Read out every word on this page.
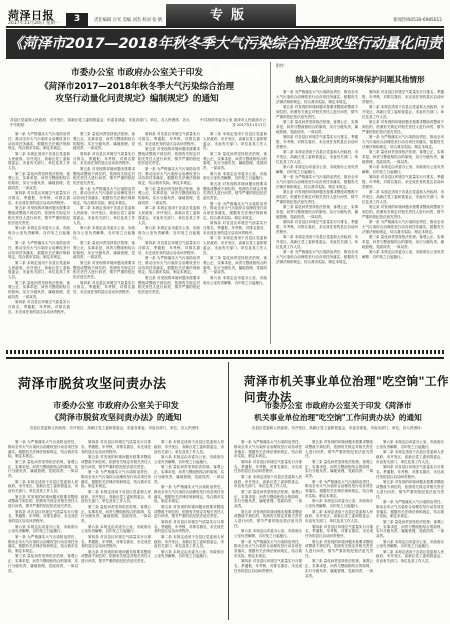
菏泽日报
2017年11月20日 星期一	3	责任编辑 白光 美编 刘杰 校对 张 帆	专版	新闻热线0530-6985012
《菏泽市2017—2018年秋冬季大气污染综合治理攻坚行动量化问责规定》编制规定
市委办公室 市政府办公室关于印发
《菏泽市2017—2018年秋冬季大气污染综合治理
攻坚行动量化问责规定》编制规定》的通知
各县区党委和人民政府，市开发区、高新区党工委和管委会，市委各部委，市直各部门、单位，各人民团体，各大中专院校：
中共菏泽市委办公室 菏泽市人民政府办公室 2017年11月17日
附件：
纳入量化问责的环境保护问题其他情形
第一条 为严格落实大气污染防治责任，推动全市大气污染综合治理攻坚行动各项任务落实，根据有关法律法规和规定，结合我市实际，制定本规定。
第二条 本规定适用于各县区党委和人民政府、市开发区、高新区党工委和管委会，市直有关部门、单位及其工作人员。
第三条 量化问责坚持依法依规、客观公正、实事求是、问责与整改相结合的原则，实行分级负责、属地管理，党政同责、一岗双责。
第四条 对各县区环境空气质量实行月排名、季通报、年考核，对排名靠后、未完成任务的县区启动问责程序。
第五条 对发现的环境问题未按要求整改或整改不到位的，依照有关规定对相关责任人进行问责，情节严重的依纪依法追究责任。
第六条 本规定由市委办公室、市政府办公室负责解释，自印发之日起施行。
第一条 为严格落实大气污染防治责任，推动全市大气污染综合治理攻坚行动各项任务落实，根据有关法律法规和规定，结合我市实际，制定本规定。
第二条 本规定适用于各县区党委和人民政府、市开发区、高新区党工委和管委会，市直有关部门、单位及其工作人员。
第三条 量化问责坚持依法依规、客观公正、实事求是、问责与整改相结合的原则，实行分级负责、属地管理，党政同责、一岗双责。
第四条 对各县区环境空气质量实行月排名、季通报、年考核，对排名靠后、未完成任务的县区启动问责程序。
第三条 量化问责坚持依法依规、客观公正、实事求是、问责与整改相结合的原则，实行分级负责、属地管理，党政同责、一岗双责。
第四条 对各县区环境空气质量实行月排名、季通报、年考核，对排名靠后、未完成任务的县区启动问责程序。
第五条 对发现的环境问题未按要求整改或整改不到位的，依照有关规定对相关责任人进行问责，情节严重的依纪依法追究责任。
第一条 为严格落实大气污染防治责任，推动全市大气污染综合治理攻坚行动各项任务落实，根据有关法律法规和规定，结合我市实际，制定本规定。
第二条 本规定适用于各县区党委和人民政府、市开发区、高新区党工委和管委会，市直有关部门、单位及其工作人员。
第六条 本规定由市委办公室、市政府办公室负责解释，自印发之日起施行。
第三条 量化问责坚持依法依规、客观公正、实事求是、问责与整改相结合的原则，实行分级负责、属地管理，党政同责、一岗双责。
第五条 对发现的环境问题未按要求整改或整改不到位的，依照有关规定对相关责任人进行问责，情节严重的依纪依法追究责任。
第四条 对各县区环境空气质量实行月排名、季通报、年考核，对排名靠后、未完成任务的县区启动问责程序。
第四条 对各县区环境空气质量实行月排名、季通报、年考核，对排名靠后、未完成任务的县区启动问责程序。
第五条 对发现的环境问题未按要求整改或整改不到位的，依照有关规定对相关责任人进行问责，情节严重的依纪依法追究责任。
第一条 为严格落实大气污染防治责任，推动全市大气污染综合治理攻坚行动各项任务落实，根据有关法律法规和规定，结合我市实际，制定本规定。
第三条 量化问责坚持依法依规、客观公正、实事求是、问责与整改相结合的原则，实行分级负责、属地管理，党政同责、一岗双责。
第二条 本规定适用于各县区党委和人民政府、市开发区、高新区党工委和管委会，市直有关部门、单位及其工作人员。
第六条 本规定由市委办公室、市政府办公室负责解释，自印发之日起施行。
第四条 对各县区环境空气质量实行月排名、季通报、年考核，对排名靠后、未完成任务的县区启动问责程序。
第一条 为严格落实大气污染防治责任，推动全市大气污染综合治理攻坚行动各项任务落实，根据有关法律法规和规定，结合我市实际，制定本规定。
第五条 对发现的环境问题未按要求整改或整改不到位的，依照有关规定对相关责任人进行问责，情节严重的依纪依法追究责任。
第二条 本规定适用于各县区党委和人民政府、市开发区、高新区党工委和管委会，市直有关部门、单位及其工作人员。
第三条 量化问责坚持依法依规、客观公正、实事求是、问责与整改相结合的原则，实行分级负责、属地管理，党政同责、一岗双责。
第六条 本规定由市委办公室、市政府办公室负责解释，自印发之日起施行。
第五条 对发现的环境问题未按要求整改或整改不到位的，依照有关规定对相关责任人进行问责，情节严重的依纪依法追究责任。
第一条 为严格落实大气污染防治责任，推动全市大气污染综合治理攻坚行动各项任务落实，根据有关法律法规和规定，结合我市实际，制定本规定。
第四条 对各县区环境空气质量实行月排名、季通报、年考核，对排名靠后、未完成任务的县区启动问责程序。
第二条 本规定适用于各县区党委和人民政府、市开发区、高新区党工委和管委会，市直有关部门、单位及其工作人员。
第三条 量化问责坚持依法依规、客观公正、实事求是、问责与整改相结合的原则，实行分级负责、属地管理，党政同责、一岗双责。
第六条 本规定由市委办公室、市政府办公室负责解释，自印发之日起施行。
第一条 为严格落实大气污染防治责任，推动全市大气污染综合治理攻坚行动各项任务落实，根据有关法律法规和规定，结合我市实际，制定本规定。
第五条 对发现的环境问题未按要求整改或整改不到位的，依照有关规定对相关责任人进行问责，情节严重的依纪依法追究责任。
第三条 量化问责坚持依法依规、客观公正、实事求是、问责与整改相结合的原则，实行分级负责、属地管理，党政同责、一岗双责。
第四条 对各县区环境空气质量实行月排名、季通报、年考核，对排名靠后、未完成任务的县区启动问责程序。
第二条 本规定适用于各县区党委和人民政府、市开发区、高新区党工委和管委会，市直有关部门、单位及其工作人员。
第六条 本规定由市委办公室、市政府办公室负责解释，自印发之日起施行。
第一条 为严格落实大气污染防治责任，推动全市大气污染综合治理攻坚行动各项任务落实，根据有关法律法规和规定，结合我市实际，制定本规定。
第五条 对发现的环境问题未按要求整改或整改不到位的，依照有关规定对相关责任人进行问责，情节严重的依纪依法追究责任。
第三条 量化问责坚持依法依规、客观公正、实事求是、问责与整改相结合的原则，实行分级负责、属地管理，党政同责、一岗双责。
第四条 对各县区环境空气质量实行月排名、季通报、年考核，对排名靠后、未完成任务的县区启动问责程序。
第二条 本规定适用于各县区党委和人民政府、市开发区、高新区党工委和管委会，市直有关部门、单位及其工作人员。
第一条 为严格落实大气污染防治责任，推动全市大气污染综合治理攻坚行动各项任务落实，根据有关法律法规和规定，结合我市实际，制定本规定。
第四条 对各县区环境空气质量实行月排名、季通报、年考核，对排名靠后、未完成任务的县区启动问责程序。
第二条 本规定适用于各县区党委和人民政府、市开发区、高新区党工委和管委会，市直有关部门、单位及其工作人员。
第五条 对发现的环境问题未按要求整改或整改不到位的，依照有关规定对相关责任人进行问责，情节严重的依纪依法追究责任。
第一条 为严格落实大气污染防治责任，推动全市大气污染综合治理攻坚行动各项任务落实，根据有关法律法规和规定，结合我市实际，制定本规定。
第三条 量化问责坚持依法依规、客观公正、实事求是、问责与整改相结合的原则，实行分级负责、属地管理，党政同责、一岗双责。
第六条 本规定由市委办公室、市政府办公室负责解释，自印发之日起施行。
第四条 对各县区环境空气质量实行月排名、季通报、年考核，对排名靠后、未完成任务的县区启动问责程序。
第二条 本规定适用于各县区党委和人民政府、市开发区、高新区党工委和管委会，市直有关部门、单位及其工作人员。
第五条 对发现的环境问题未按要求整改或整改不到位的，依照有关规定对相关责任人进行问责，情节严重的依纪依法追究责任。
第一条 为严格落实大气污染防治责任，推动全市大气污染综合治理攻坚行动各项任务落实，根据有关法律法规和规定，结合我市实际，制定本规定。
第三条 量化问责坚持依法依规、客观公正、实事求是、问责与整改相结合的原则，实行分级负责、属地管理，党政同责、一岗双责。
第六条 本规定由市委办公室、市政府办公室负责解释，自印发之日起施行。
菏泽市脱贫攻坚问责办法
市委办公室 市政府办公室关于印发
《菏泽市脱贫攻坚问责办法》的通知
各县区党委和人民政府，市开发区、高新区党工委和管委会，市委各部委，市直各部门、单位，各人民团体：
菏泽市机关事业单位治理"吃空饷"工作问责办法
市委办公室 市政府办公室关于印发《菏泽市
机关事业单位治理"吃空饷"工作问责办法》的通知
各县区党委和人民政府，市开发区、高新区党工委和管委会，市委各部委，市直各部门、单位，各人民团体：
第一条 为严格落实大气污染防治责任，推动全市大气污染综合治理攻坚行动各项任务落实，根据有关法律法规和规定，结合我市实际，制定本规定。
第三条 量化问责坚持依法依规、客观公正、实事求是、问责与整改相结合的原则，实行分级负责、属地管理，党政同责、一岗双责。
第二条 本规定适用于各县区党委和人民政府、市开发区、高新区党工委和管委会，市直有关部门、单位及其工作人员。
第五条 对发现的环境问题未按要求整改或整改不到位的，依照有关规定对相关责任人进行问责，情节严重的依纪依法追究责任。
第四条 对各县区环境空气质量实行月排名、季通报、年考核，对排名靠后、未完成任务的县区启动问责程序。
第六条 本规定由市委办公室、市政府办公室负责解释，自印发之日起施行。
第一条 为严格落实大气污染防治责任，推动全市大气污染综合治理攻坚行动各项任务落实，根据有关法律法规和规定，结合我市实际，制定本规定。
第三条 量化问责坚持依法依规、客观公正、实事求是、问责与整改相结合的原则，实行分级负责、属地管理，党政同责、一岗双责。
第四条 对各县区环境空气质量实行月排名、季通报、年考核，对排名靠后、未完成任务的县区启动问责程序。
第五条 对发现的环境问题未按要求整改或整改不到位的，依照有关规定对相关责任人进行问责，情节严重的依纪依法追究责任。
第一条 为严格落实大气污染防治责任，推动全市大气污染综合治理攻坚行动各项任务落实，根据有关法律法规和规定，结合我市实际，制定本规定。
第二条 本规定适用于各县区党委和人民政府、市开发区、高新区党工委和管委会，市直有关部门、单位及其工作人员。
第三条 量化问责坚持依法依规、客观公正、实事求是、问责与整改相结合的原则，实行分级负责、属地管理，党政同责、一岗双责。
第六条 本规定由市委办公室、市政府办公室负责解释，自印发之日起施行。
第四条 对各县区环境空气质量实行月排名、季通报、年考核，对排名靠后、未完成任务的县区启动问责程序。
第五条 对发现的环境问题未按要求整改或整改不到位的，依照有关规定对相关责任人进行问责，情节严重的依纪依法追究责任。
第二条 本规定适用于各县区党委和人民政府、市开发区、高新区党工委和管委会，市直有关部门、单位及其工作人员。
第六条 本规定由市委办公室、市政府办公室负责解释，自印发之日起施行。
第三条 量化问责坚持依法依规、客观公正、实事求是、问责与整改相结合的原则，实行分级负责、属地管理，党政同责、一岗双责。
第一条 为严格落实大气污染防治责任，推动全市大气污染综合治理攻坚行动各项任务落实，根据有关法律法规和规定，结合我市实际，制定本规定。
第五条 对发现的环境问题未按要求整改或整改不到位的，依照有关规定对相关责任人进行问责，情节严重的依纪依法追究责任。
第四条 对各县区环境空气质量实行月排名、季通报、年考核，对排名靠后、未完成任务的县区启动问责程序。
第二条 本规定适用于各县区党委和人民政府、市开发区、高新区党工委和管委会，市直有关部门、单位及其工作人员。
第六条 本规定由市委办公室、市政府办公室负责解释，自印发之日起施行。
第一条 为严格落实大气污染防治责任，推动全市大气污染综合治理攻坚行动各项任务落实，根据有关法律法规和规定，结合我市实际，制定本规定。
第四条 对各县区环境空气质量实行月排名、季通报、年考核，对排名靠后、未完成任务的县区启动问责程序。
第二条 本规定适用于各县区党委和人民政府、市开发区、高新区党工委和管委会，市直有关部门、单位及其工作人员。
第三条 量化问责坚持依法依规、客观公正、实事求是、问责与整改相结合的原则，实行分级负责、属地管理，党政同责、一岗双责。
第五条 对发现的环境问题未按要求整改或整改不到位的，依照有关规定对相关责任人进行问责，情节严重的依纪依法追究责任。
第六条 本规定由市委办公室、市政府办公室负责解释，自印发之日起施行。
第一条 为严格落实大气污染防治责任，推动全市大气污染综合治理攻坚行动各项任务落实，根据有关法律法规和规定，结合我市实际，制定本规定。
第四条 对各县区环境空气质量实行月排名、季通报、年考核，对排名靠后、未完成任务的县区启动问责程序。
第五条 对发现的环境问题未按要求整改或整改不到位的，依照有关规定对相关责任人进行问责，情节严重的依纪依法追究责任。
第三条 量化问责坚持依法依规、客观公正、实事求是、问责与整改相结合的原则，实行分级负责、属地管理，党政同责、一岗双责。
第一条 为严格落实大气污染防治责任，推动全市大气污染综合治理攻坚行动各项任务落实，根据有关法律法规和规定，结合我市实际，制定本规定。
第六条 本规定由市委办公室、市政府办公室负责解释，自印发之日起施行。
第二条 本规定适用于各县区党委和人民政府、市开发区、高新区党工委和管委会，市直有关部门、单位及其工作人员。
第四条 对各县区环境空气质量实行月排名、季通报、年考核，对排名靠后、未完成任务的县区启动问责程序。
第五条 对发现的环境问题未按要求整改或整改不到位的，依照有关规定对相关责任人进行问责，情节严重的依纪依法追究责任。
第三条 量化问责坚持依法依规、客观公正、实事求是、问责与整改相结合的原则，实行分级负责、属地管理，党政同责、一岗双责。
第六条 本规定由市委办公室、市政府办公室负责解释，自印发之日起施行。
第二条 本规定适用于各县区党委和人民政府、市开发区、高新区党工委和管委会，市直有关部门、单位及其工作人员。
第四条 对各县区环境空气质量实行月排名、季通报、年考核，对排名靠后、未完成任务的县区启动问责程序。
第五条 对发现的环境问题未按要求整改或整改不到位的，依照有关规定对相关责任人进行问责，情节严重的依纪依法追究责任。
第一条 为严格落实大气污染防治责任，推动全市大气污染综合治理攻坚行动各项任务落实，根据有关法律法规和规定，结合我市实际，制定本规定。
第三条 量化问责坚持依法依规、客观公正、实事求是、问责与整改相结合的原则，实行分级负责、属地管理，党政同责、一岗双责。
第六条 本规定由市委办公室、市政府办公室负责解释，自印发之日起施行。
第二条 本规定适用于各县区党委和人民政府、市开发区、高新区党工委和管委会，市直有关部门、单位及其工作人员。
